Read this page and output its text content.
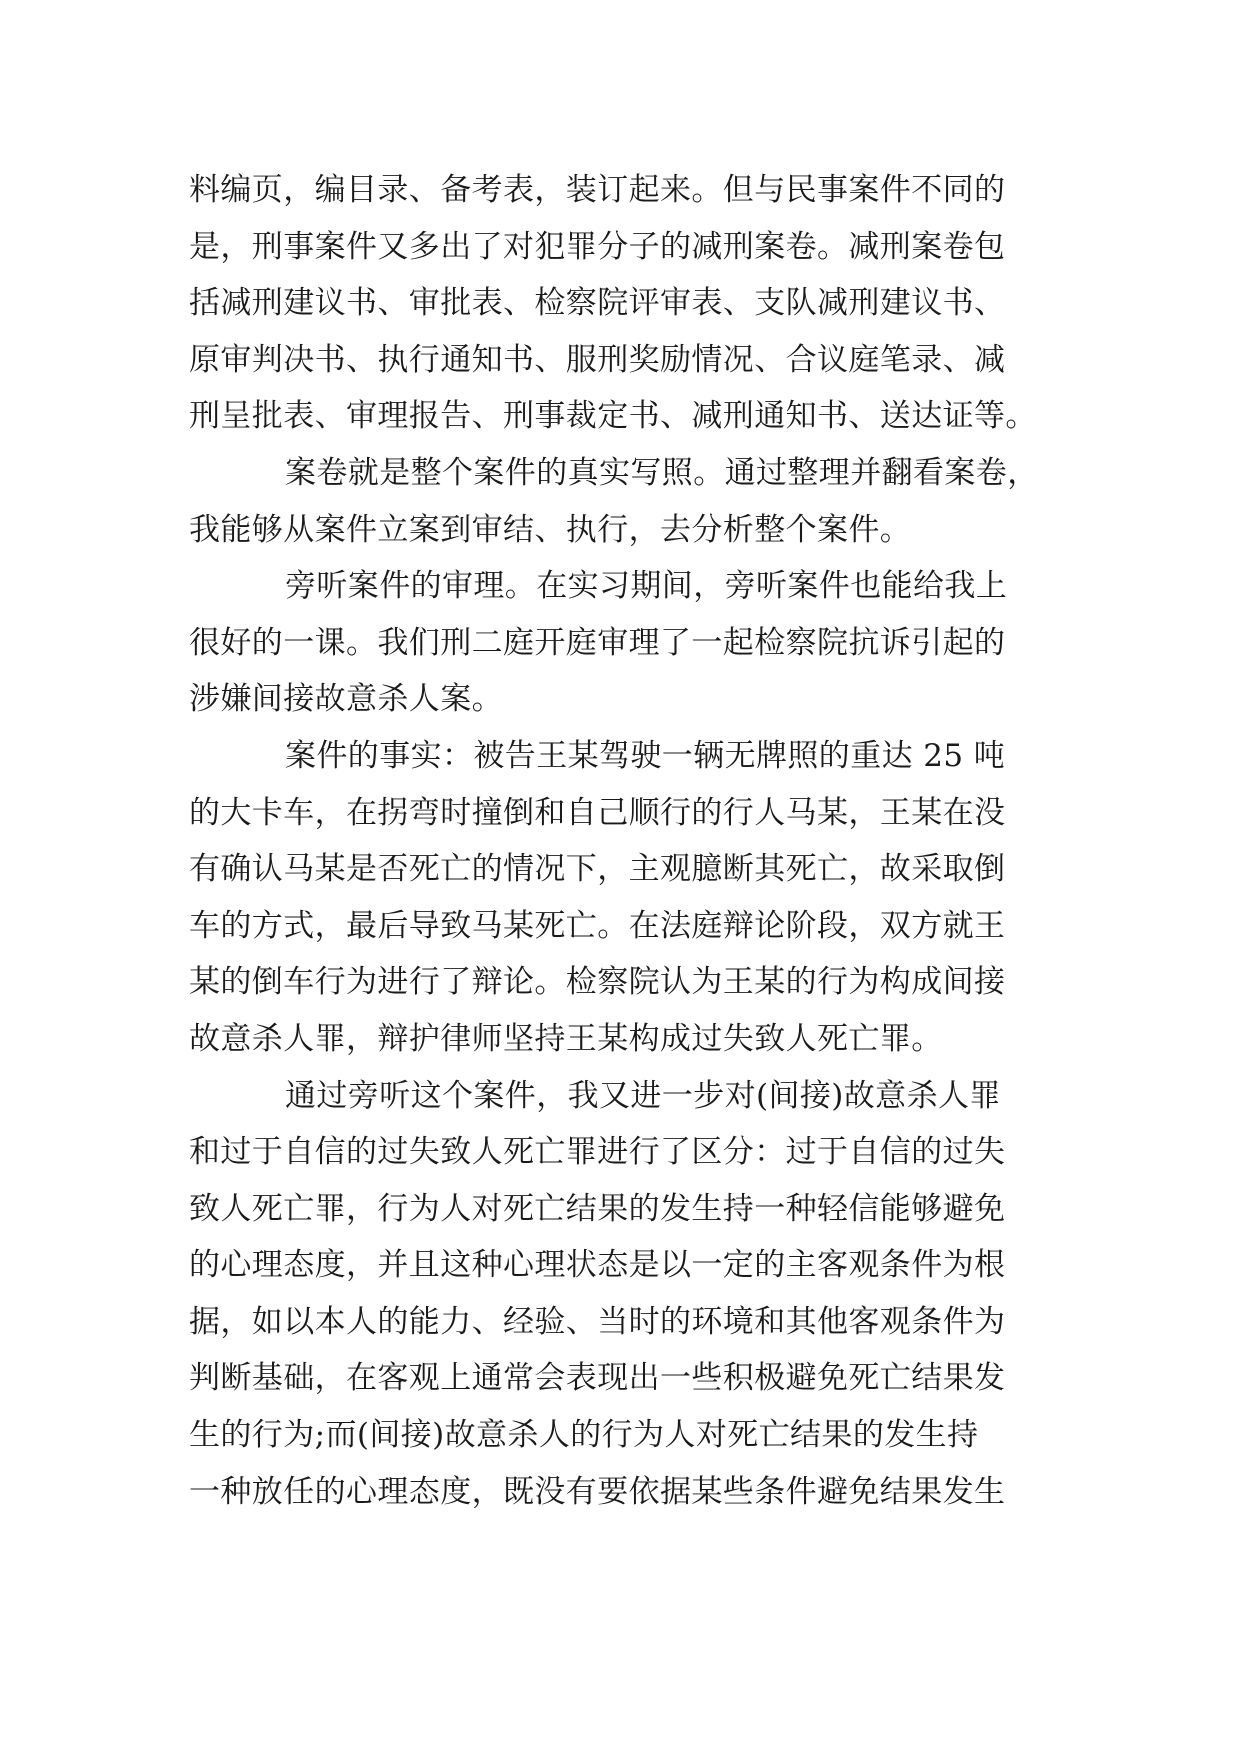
料编页，编目录、备考表，装订起来。但与民事案件不同的
是，刑事案件又多出了对犯罪分子的减刑案卷。减刑案卷包
括减刑建议书、审批表、检察院评审表、支队减刑建议书、
原审判决书、执行通知书、服刑奖励情况、合议庭笔录、减
刑呈批表、审理报告、刑事裁定书、减刑通知书、送达证等。
案卷就是整个案件的真实写照。通过整理并翻看案卷，
我能够从案件立案到审结、执行，去分析整个案件。
旁听案件的审理。在实习期间，旁听案件也能给我上
很好的一课。我们刑二庭开庭审理了一起检察院抗诉引起的
涉嫌间接故意杀人案。
案件的事实：被告王某驾驶一辆无牌照的重达 25 吨
的大卡车，在拐弯时撞倒和自己顺行的行人马某，王某在没
有确认马某是否死亡的情况下，主观臆断其死亡，故采取倒
车的方式，最后导致马某死亡。在法庭辩论阶段，双方就王
某的倒车行为进行了辩论。检察院认为王某的行为构成间接
故意杀人罪，辩护律师坚持王某构成过失致人死亡罪。
通过旁听这个案件，我又进一步对(间接)故意杀人罪
和过于自信的过失致人死亡罪进行了区分：过于自信的过失
致人死亡罪，行为人对死亡结果的发生持一种轻信能够避免
的心理态度，并且这种心理状态是以一定的主客观条件为根
据，如以本人的能力、经验、当时的环境和其他客观条件为
判断基础，在客观上通常会表现出一些积极避免死亡结果发
生的行为;而(间接)故意杀人的行为人对死亡结果的发生持
一种放任的心理态度，既没有要依据某些条件避免结果发生
